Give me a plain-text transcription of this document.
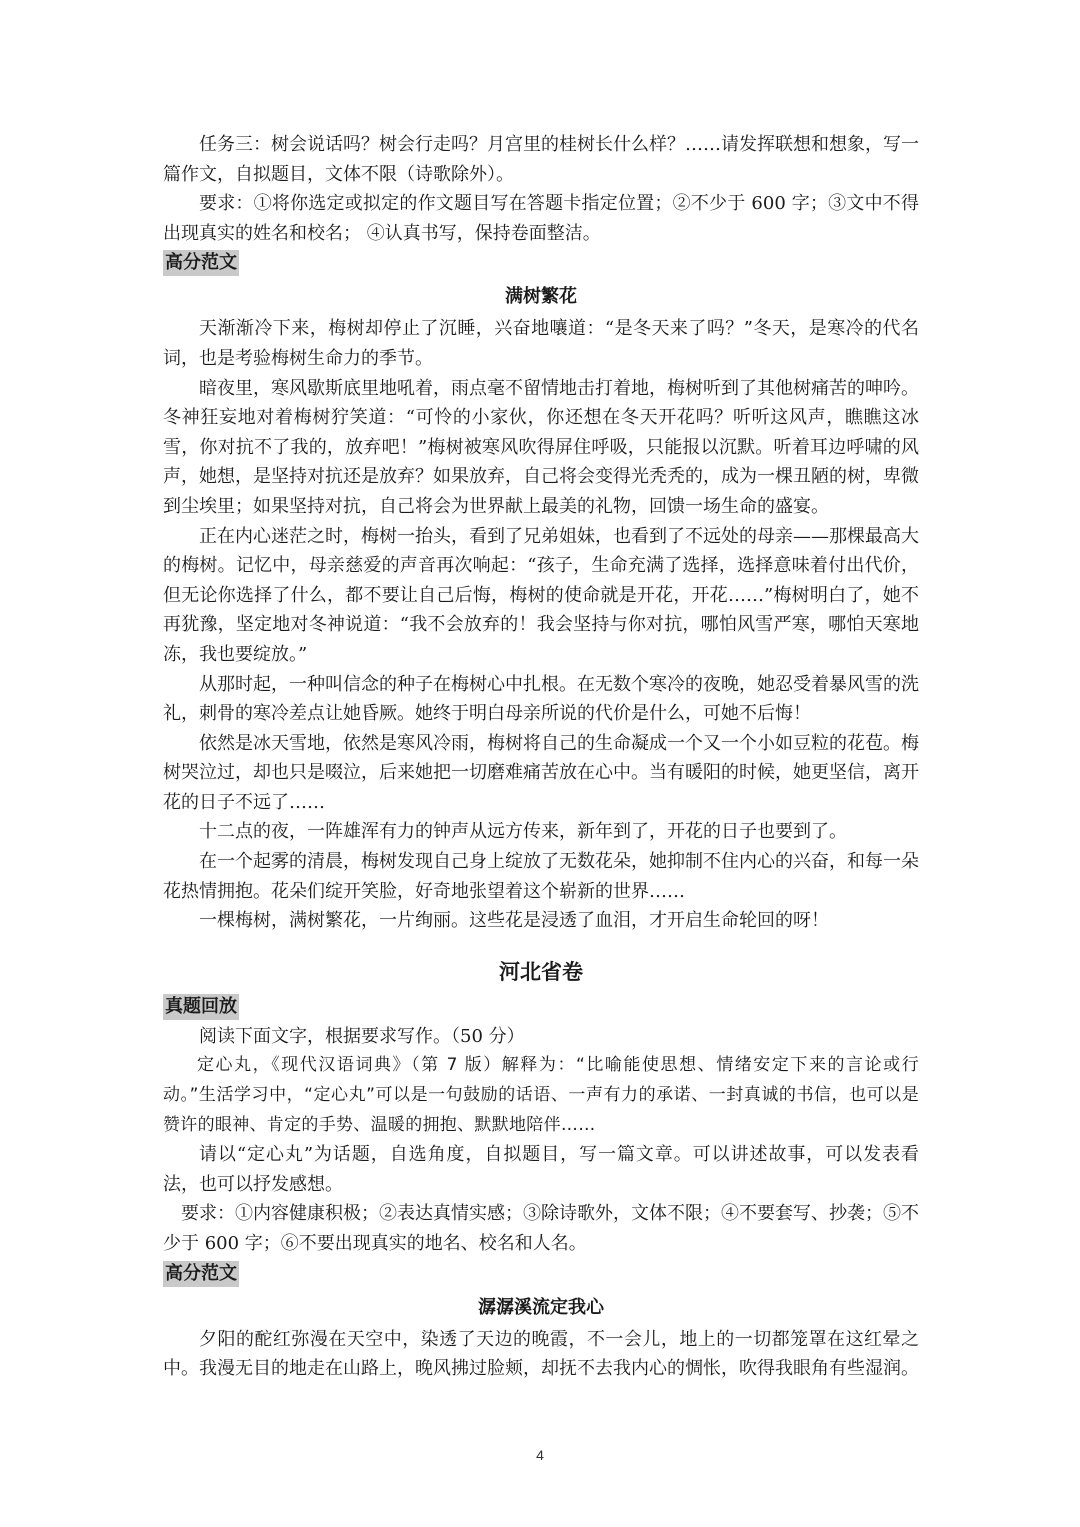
任务三：树会说话吗？树会行走吗？月宫里的桂树长什么样？……请发挥联想和想象，写一篇作文，自拟题目，文体不限（诗歌除外）。

要求：①将你选定或拟定的作文题目写在答题卡指定位置；②不少于 600 字；③文中不得出现真实的姓名和校名； ④认真书写，保持卷面整洁。

高分范文
满树繁花

天渐渐冷下来，梅树却停止了沉睡，兴奋地嚷道：“是冬天来了吗？”冬天，是寒冷的代名词，也是考验梅树生命力的季节。

暗夜里，寒风歇斯底里地吼着，雨点毫不留情地击打着地，梅树听到了其他树痛苦的呻吟。冬神狂妄地对着梅树狞笑道：“可怜的小家伙，你还想在冬天开花吗？听听这风声，瞧瞧这冰雪，你对抗不了我的，放弃吧！”梅树被寒风吹得屏住呼吸，只能报以沉默。听着耳边呼啸的风声，她想，是坚持对抗还是放弃？如果放弃，自己将会变得光秃秃的，成为一棵丑陋的树，卑微到尘埃里；如果坚持对抗，自己将会为世界献上最美的礼物，回馈一场生命的盛宴。

正在内心迷茫之时，梅树一抬头，看到了兄弟姐妹，也看到了不远处的母亲——那棵最高大的梅树。记忆中，母亲慈爱的声音再次响起：“孩子，生命充满了选择，选择意味着付出代价，但无论你选择了什么，都不要让自己后悔，梅树的使命就是开花，开花……”梅树明白了，她不再犹豫，坚定地对冬神说道：“我不会放弃的！我会坚持与你对抗，哪怕风雪严寒，哪怕天寒地冻，我也要绽放。”

从那时起，一种叫信念的种子在梅树心中扎根。在无数个寒冷的夜晚，她忍受着暴风雪的洗礼，刺骨的寒冷差点让她昏厥。她终于明白母亲所说的代价是什么，可她不后悔！

依然是冰天雪地，依然是寒风冷雨，梅树将自己的生命凝成一个又一个小如豆粒的花苞。梅树哭泣过，却也只是啜泣，后来她把一切磨难痛苦放在心中。当有暖阳的时候，她更坚信，离开花的日子不远了……

十二点的夜，一阵雄浑有力的钟声从远方传来，新年到了，开花的日子也要到了。

在一个起雾的清晨，梅树发现自己身上绽放了无数花朵，她抑制不住内心的兴奋，和每一朵花热情拥抱。花朵们绽开笑脸，好奇地张望着这个崭新的世界……

一棵梅树，满树繁花，一片绚丽。这些花是浸透了血泪，才开启生命轮回的呀！

河北省卷
真题回放

阅读下面文字，根据要求写作。（50 分）

定心丸，《现代汉语词典》（第 7 版）解释为：“比喻能使思想、情绪安定下来的言论或行动。”生活学习中，“定心丸”可以是一句鼓励的话语、一声有力的承诺、一封真诚的书信，也可以是赞许的眼神、肯定的手势、温暖的拥抱、默默地陪伴……

请以“定心丸”为话题，自选角度，自拟题目，写一篇文章。可以讲述故事，可以发表看法，也可以抒发感想。

要求：①内容健康积极；②表达真情实感；③除诗歌外，文体不限；④不要套写、抄袭；⑤不少于 600 字；⑥不要出现真实的地名、校名和人名。

高分范文
潺潺溪流定我心

夕阳的酡红弥漫在天空中，染透了天边的晚霞，不一会儿，地上的一切都笼罩在这红晕之中。我漫无目的地走在山路上，晚风拂过脸颊，却抚不去我内心的惆怅，吹得我眼角有些湿润。

4
